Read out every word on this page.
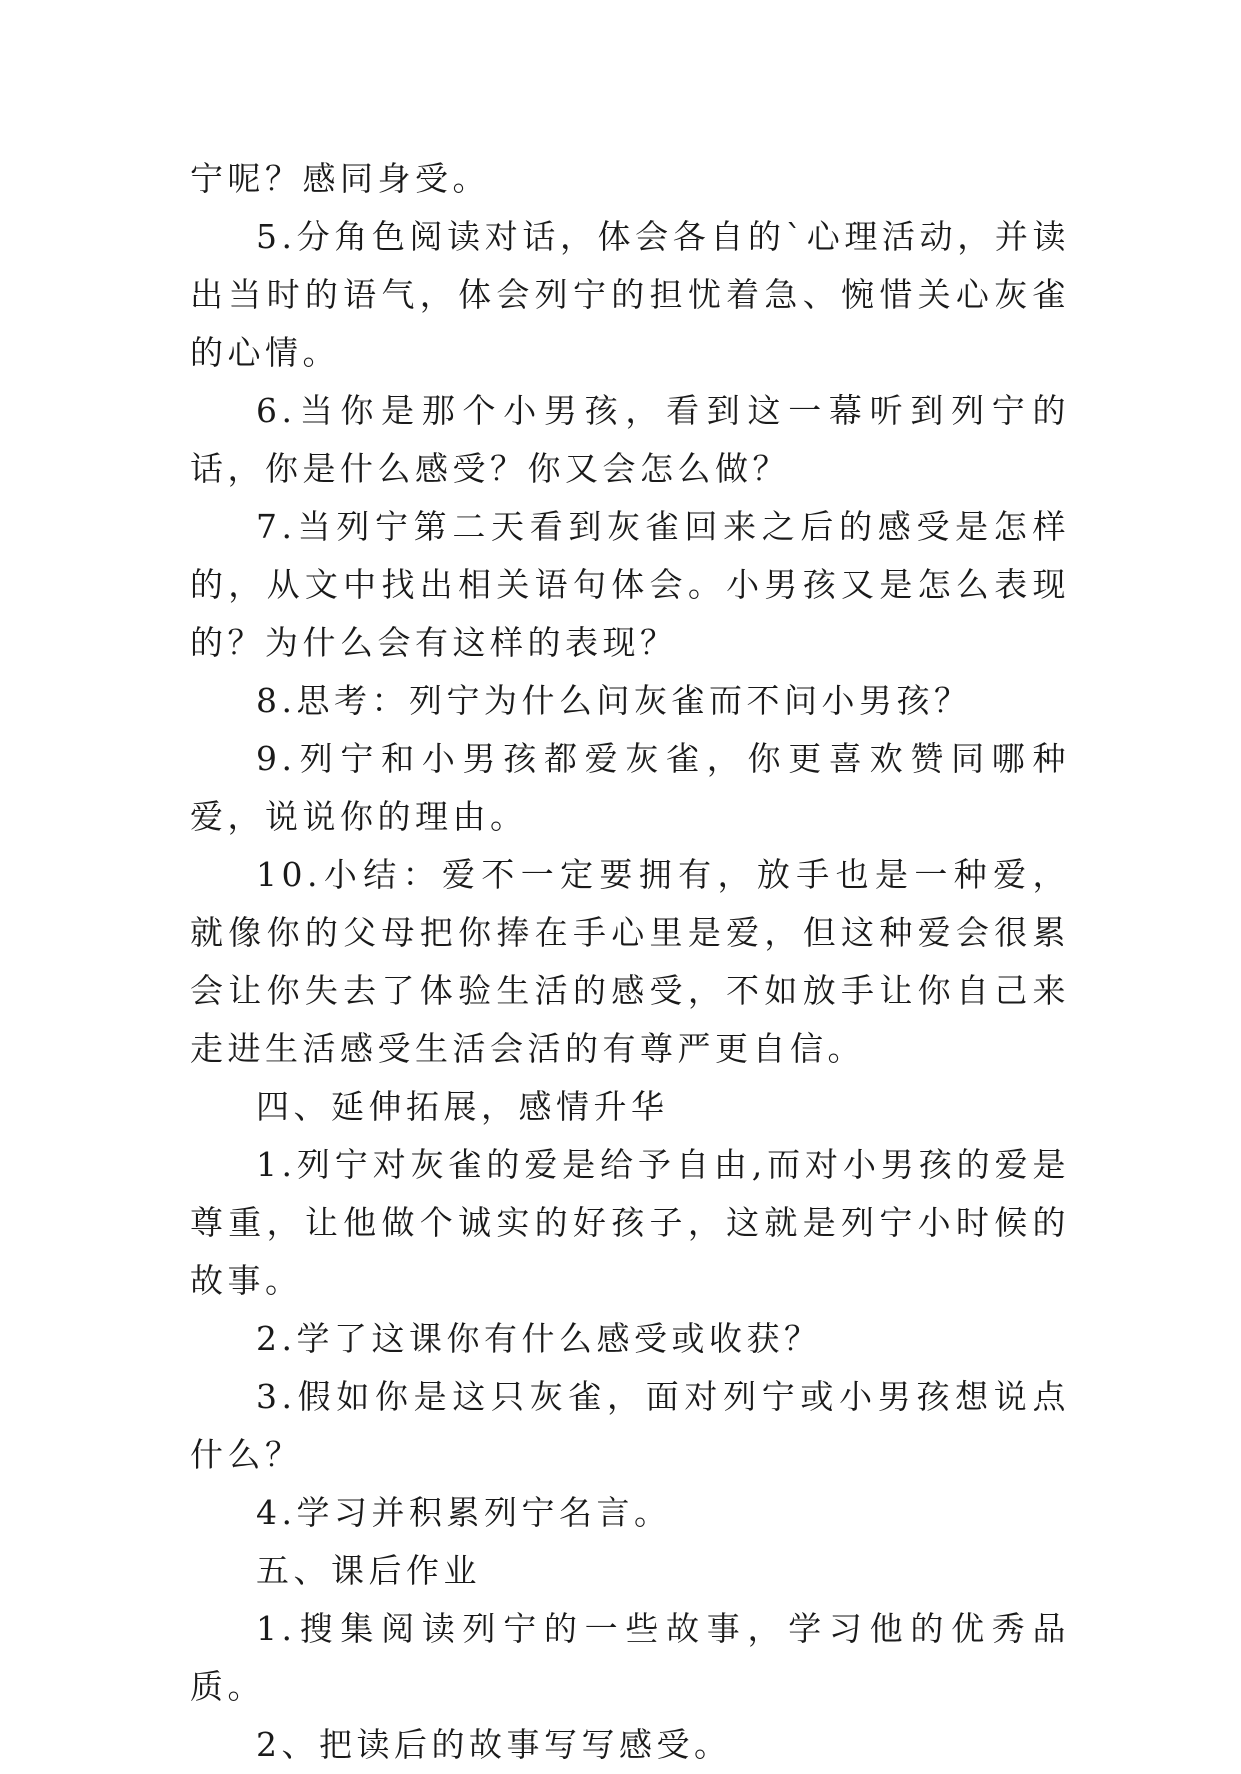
宁呢？感同身受。

5.分角色阅读对话，体会各自的`心理活动，并读出当时的语气，体会列宁的担忧着急、惋惜关心灰雀的心情。

6.当你是那个小男孩，看到这一幕听到列宁的话，你是什么感受？你又会怎么做？

7.当列宁第二天看到灰雀回来之后的感受是怎样的，从文中找出相关语句体会。小男孩又是怎么表现的？为什么会有这样的表现？

8.思考：列宁为什么问灰雀而不问小男孩？

9.列宁和小男孩都爱灰雀，你更喜欢赞同哪种爱，说说你的理由。

10.小结：爱不一定要拥有，放手也是一种爱，就像你的父母把你捧在手心里是爱，但这种爱会很累会让你失去了体验生活的感受，不如放手让你自己来走进生活感受生活会活的有尊严更自信。

四、延伸拓展，感情升华

1.列宁对灰雀的爱是给予自由,而对小男孩的爱是尊重，让他做个诚实的好孩子，这就是列宁小时候的故事。

2.学了这课你有什么感受或收获？

3.假如你是这只灰雀，面对列宁或小男孩想说点什么？

4.学习并积累列宁名言。

五、课后作业

1.搜集阅读列宁的一些故事，学习他的优秀品质。

2、把读后的故事写写感受。
